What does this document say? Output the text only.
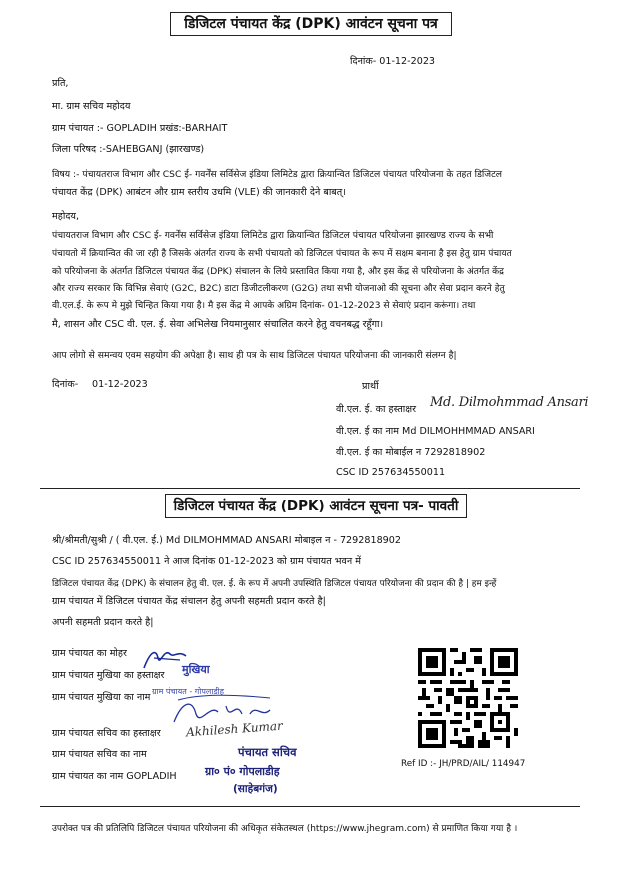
डिजिटल पंचायत केंद्र (DPK) आवंटन सूचना पत्र
दिनांक- 01-12-2023
प्रति,
मा. ग्राम सचिव महोदय
ग्राम पंचायत :- GOPLADIH प्रखंड:-BARHAIT
जिला परिषद :-SAHEBGANJ (झारखण्ड)
विषय :- पंचायतराज विभाग और CSC ई- गवर्नेंस सर्विसेज इंडिया लिमिटेड द्वारा क्रियान्वित डिजिटल पंचायत परियोजना के तहत डिजिटल
पंचायत केंद्र (DPK) आबंटन और ग्राम स्तरीय उधमि (VLE) की जानकारी देने बाबत्।
महोदय,
पंचायतराज विभाग और CSC ई- गवर्नेंस सर्विसेज इंडिया लिमिटेड द्वारा क्रियान्वित डिजिटल पंचायत परियोजना झारखण्ड राज्य के सभी
पंचायतो में क्रियान्वित की जा रही है जिसके अंतर्गत राज्य के सभी पंचायतो को डिजिटल पंचायत के रूप में सक्षम बनाना है इस हेतु ग्राम पंचायत
को परियोजना के अंतर्गत डिजिटल पंचायत केंद्र (DPK) संचालन के लिये प्रस्तावित किया गया है, और इस केंद्र से परियोजना के अंतर्गत केंद्र
और राज्य सरकार कि विभिन्न सेवाएं (G2C, B2C) डाटा डिजीटलीकरण (G2G) तथा सभी योजनाओ की सूचना और सेवा प्रदान करने हेतु
वी.एल.ई. के रूप मे मुझे चिन्हित किया गया है। मै इस केंद्र मे आपके अग्रिम दिनांक- 01-12-2023 से सेवाएं प्रदान करूंगा। तथा
मै, शासन और CSC वी. एल. ई. सेवा अभिलेख नियमानुसार संचालित करने हेतु वचनबद्ध रहूँगा।
आप लोगो से समन्वय एवम सहयोग की अपेक्षा है। साथ ही पत्र के साथ डिजिटल पंचायत परियोजना की जानकारी संलग्न है|
दिनांक- 01-12-2023	प्रार्थी
वी.एल. ई. का हस्ताक्षर Md. Dilmohmmad Ansari
वी.एल. ई का नाम Md DILMOHHMMAD ANSARI
वी.एल. ई का मोबाईल न 7292818902
CSC ID 257634550011
डिजिटल पंचायत केंद्र (DPK) आवंटन सूचना पत्र- पावती
श्री/श्रीमती/सुश्री / ( वी.एल. ई.) Md DILMOHMMAD ANSARI मोबाइल न - 7292818902
CSC ID 257634550011 ने आज दिनांक 01-12-2023 को ग्राम पंचायत भवन में
डिजिटल पंचायत केंद्र (DPK) के संचालन हेतु वी. एल. ई. के रूप में अपनी उपस्थिति डिजिटल पंचायत परियोजना की प्रदान की है | हम इन्हें
ग्राम पंचायत में डिजिटल पंचायत केंद्र संचालन हेतु अपनी सहमती प्रदान करते है|
अपनी सहमती प्रदान करते है|
ग्राम पंचायत का मोहर
ग्राम पंचायत मुखिया का हस्ताक्षर
ग्राम पंचायत मुखिया का नाम
ग्राम पंचायत सचिव का हस्ताक्षर
ग्राम पंचायत सचिव का नाम
ग्राम पंचायत का नाम GOPLADIH
मुखिया
ग्राम पंचायत - गोपलाडीह
Akhilesh Kumar
पंचायत सचिव
ग्रा० पं० गोपलाडीह
(साहेबगंज)
Ref ID :- JH/PRD/AIL/ 114947
उपरोक्त पत्र की प्रतिलिपि डिजिटल पंचायत परियोजना की अधिकृत संकेतस्थल (https://www.jhegram.com) से प्रमाणित किया गया है ।
